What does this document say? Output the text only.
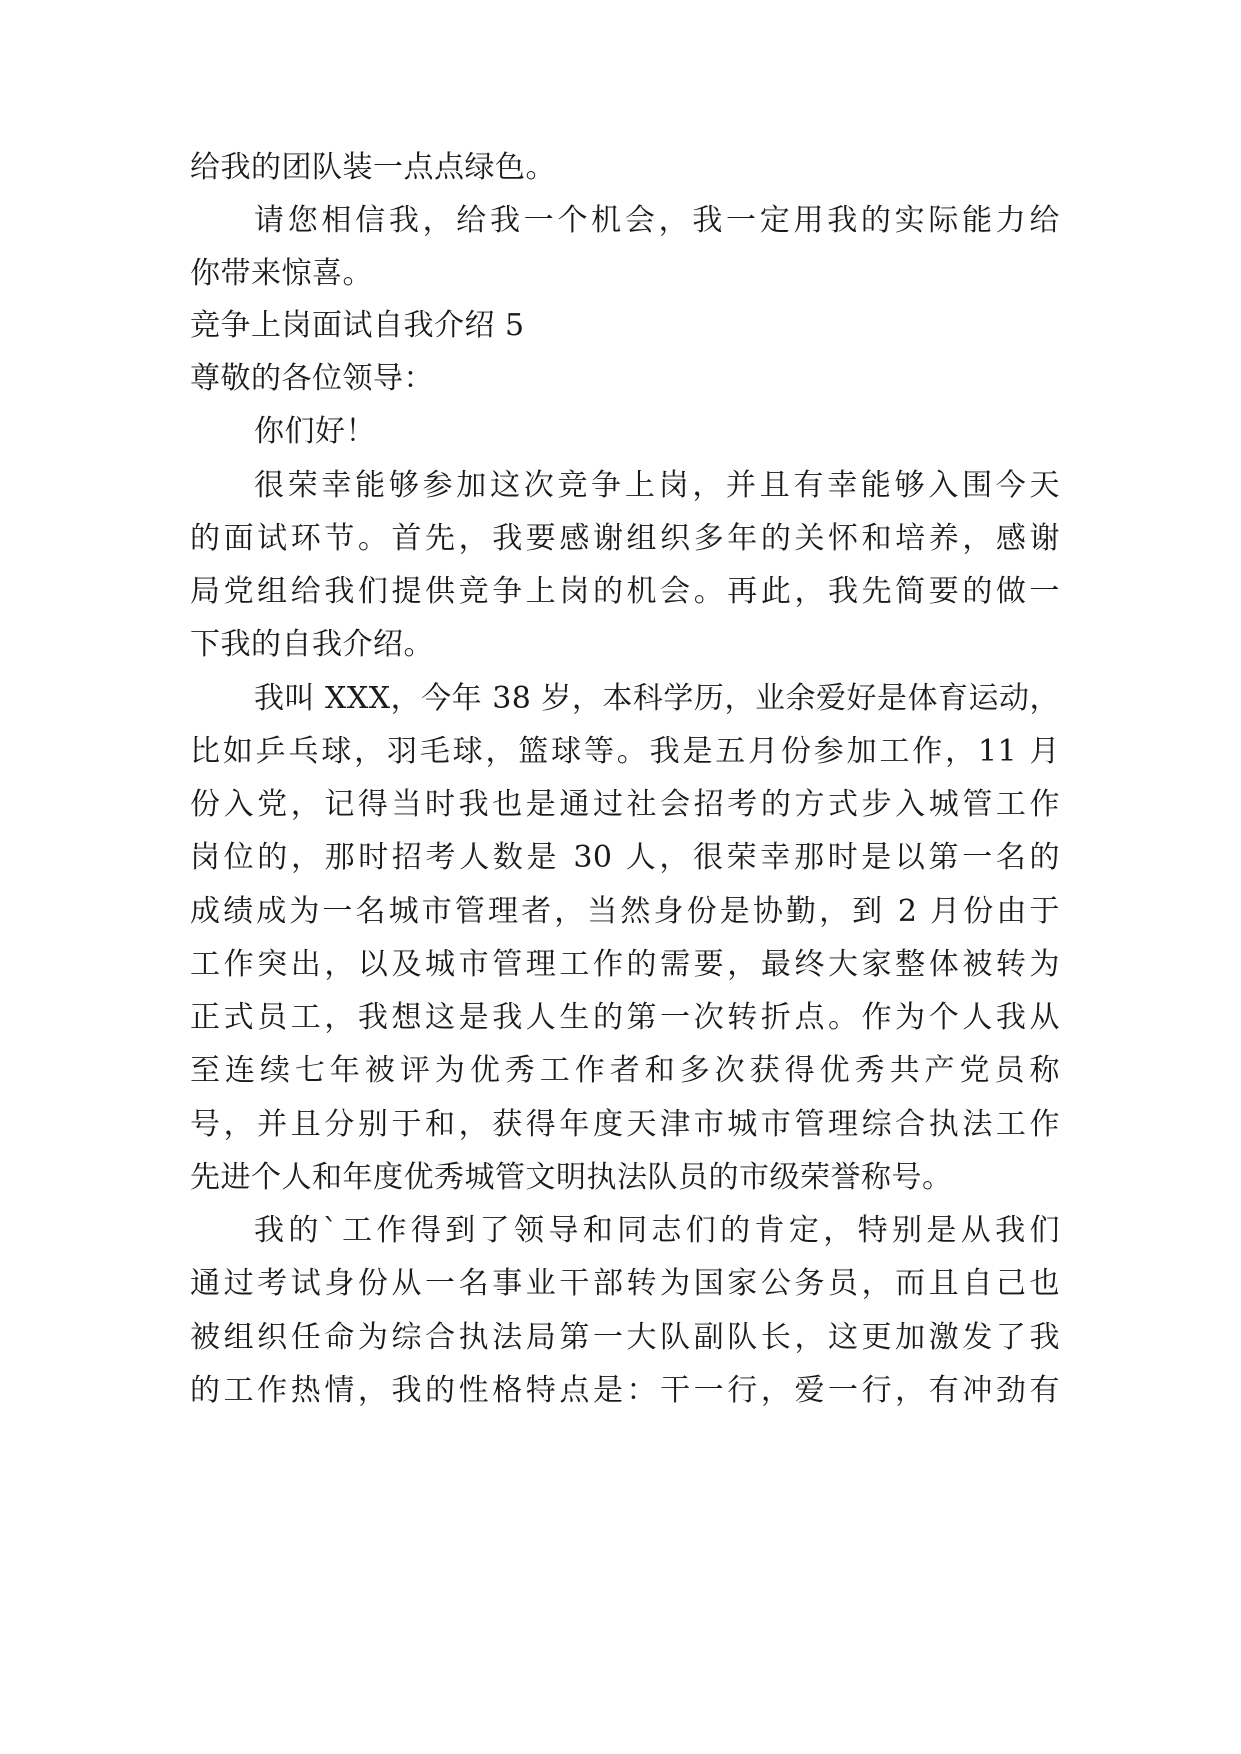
给我的团队装一点点绿色。
请您相信我，给我一个机会，我一定用我的实际能力给
你带来惊喜。
竞争上岗面试自我介绍 5
尊敬的各位领导：
你们好！
很荣幸能够参加这次竞争上岗，并且有幸能够入围今天
的面试环节。首先，我要感谢组织多年的关怀和培养，感谢
局党组给我们提供竞争上岗的机会。再此，我先简要的做一
下我的自我介绍。
我叫 XXX，今年 38 岁，本科学历，业余爱好是体育运动，
比如乒乓球，羽毛球，篮球等。我是五月份参加工作，11 月
份入党，记得当时我也是通过社会招考的方式步入城管工作
岗位的，那时招考人数是 30 人，很荣幸那时是以第一名的
成绩成为一名城市管理者，当然身份是协勤，到 2 月份由于
工作突出，以及城市管理工作的需要，最终大家整体被转为
正式员工，我想这是我人生的第一次转折点。作为个人我从
至连续七年被评为优秀工作者和多次获得优秀共产党员称
号，并且分别于和，获得年度天津市城市管理综合执法工作
先进个人和年度优秀城管文明执法队员的市级荣誉称号。
我的`工作得到了领导和同志们的肯定，特别是从我们
通过考试身份从一名事业干部转为国家公务员，而且自己也
被组织任命为综合执法局第一大队副队长，这更加激发了我
的工作热情，我的性格特点是：干一行，爱一行，有冲劲有
